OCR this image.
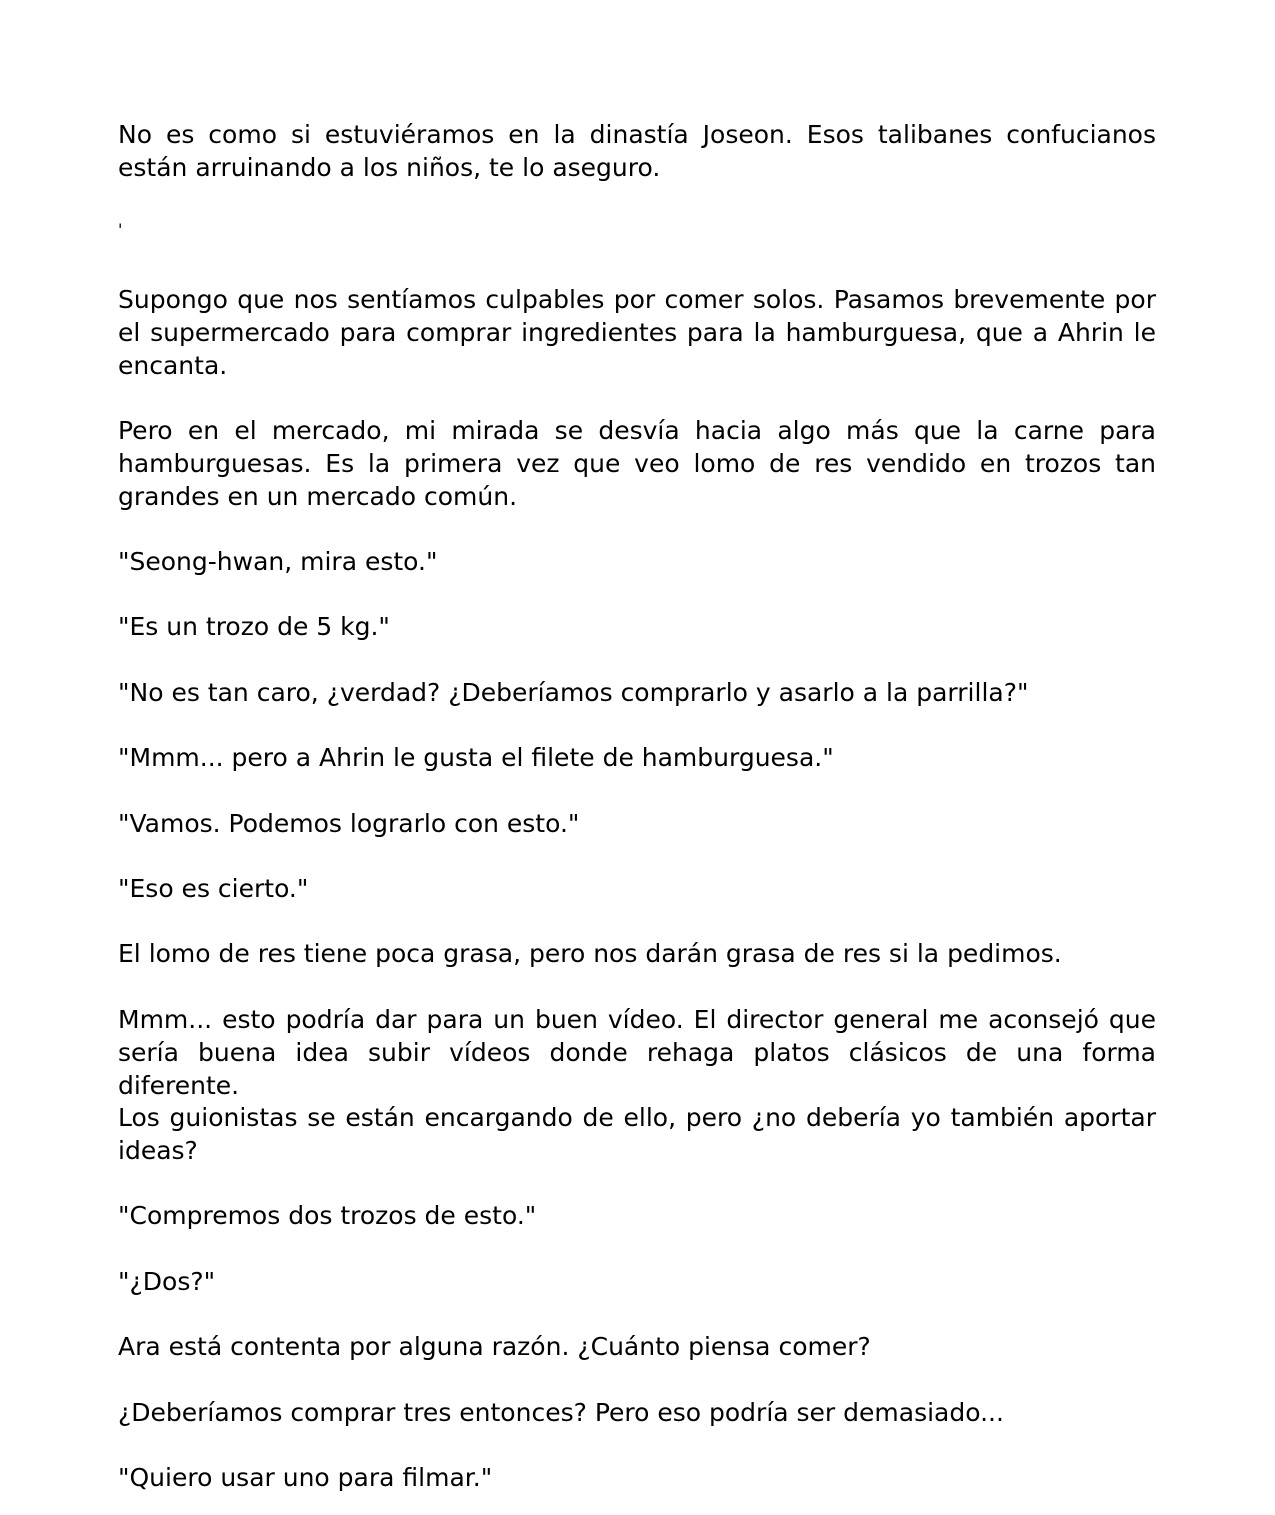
No es como si estuviéramos en la dinastía Joseon. Esos talibanes confucianos están arruinando a los niños, te lo aseguro.

'

Supongo que nos sentíamos culpables por comer solos. Pasamos brevemente por el supermercado para comprar ingredientes para la hamburguesa, que a Ahrin le encanta.

Pero en el mercado, mi mirada se desvía hacia algo más que la carne para hamburguesas. Es la primera vez que veo lomo de res vendido en trozos tan grandes en un mercado común.

"Seong-hwan, mira esto."

"Es un trozo de 5 kg."

"No es tan caro, ¿verdad? ¿Deberíamos comprarlo y asarlo a la parrilla?"

"Mmm... pero a Ahrin le gusta el filete de hamburguesa."

"Vamos. Podemos lograrlo con esto."

"Eso es cierto."

El lomo de res tiene poca grasa, pero nos darán grasa de res si la pedimos.

Mmm... esto podría dar para un buen vídeo. El director general me aconsejó que sería buena idea subir vídeos donde rehaga platos clásicos de una forma diferente.

Los guionistas se están encargando de ello, pero ¿no debería yo también aportar ideas?

"Compremos dos trozos de esto."

"¿Dos?"

Ara está contenta por alguna razón. ¿Cuánto piensa comer?

¿Deberíamos comprar tres entonces? Pero eso podría ser demasiado...

"Quiero usar uno para filmar."
